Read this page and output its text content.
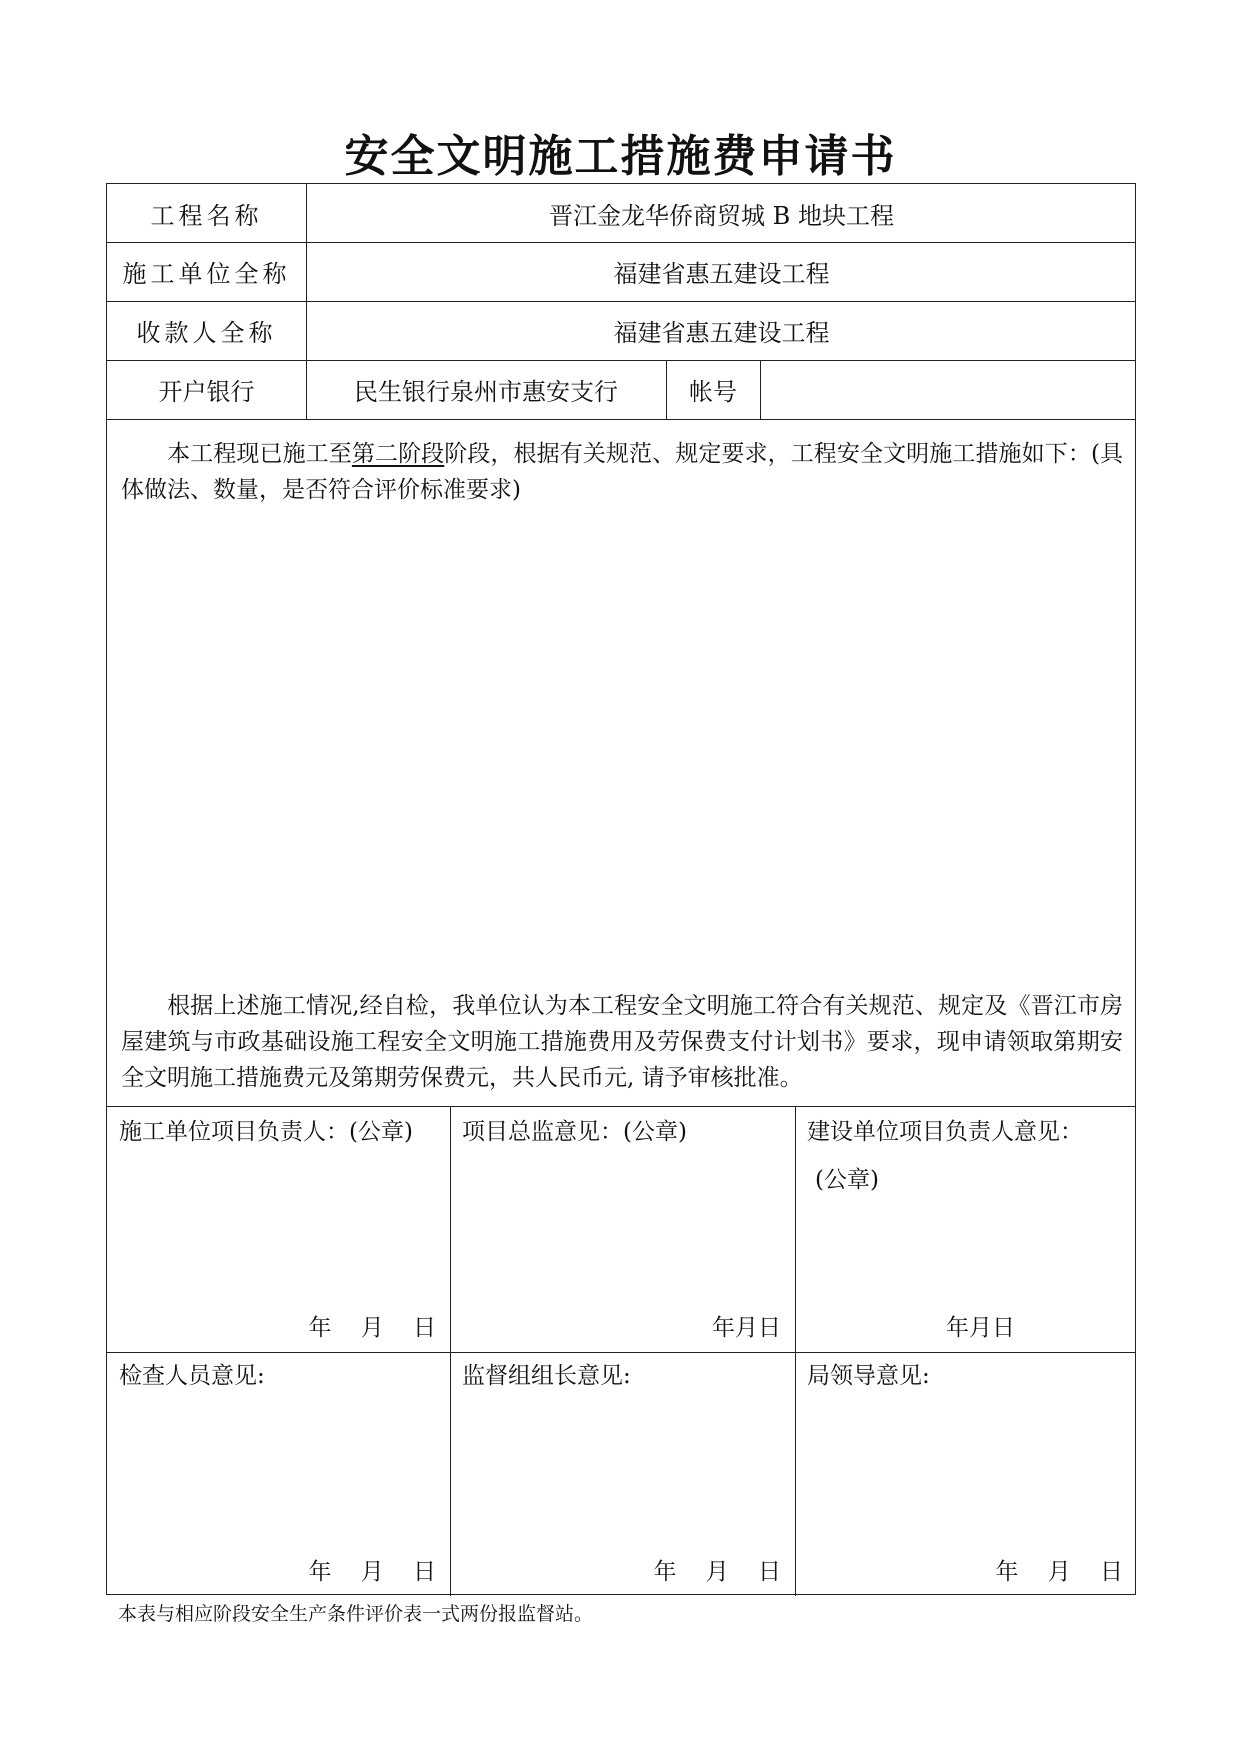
安全文明施工措施费申请书
工程名称	晋江金龙华侨商贸城 B 地块工程
施工单位全称	福建省惠五建设工程
收款人全称	福建省惠五建设工程
开户银行	民生银行泉州市惠安支行	帐号
本工程现已施工至第二阶段阶段，根据有关规范、规定要求，工程安全文明施工措施如下：(具体做法、数量，是否符合评价标准要求)
根据上述施工情况,经自检，我单位认为本工程安全文明施工符合有关规范、规定及《晋江市房屋建筑与市政基础设施工程安全文明施工措施费用及劳保费支付计划书》要求，现申请领取第期安全文明施工措施费元及第期劳保费元，共人民币元, 请予审核批准。
施工单位项目负责人：(公章)
年    月    日
项目总监意见：(公章)
年月日
建设单位项目负责人意见：
(公章)
年月日
检查人员意见:
年    月    日
监督组组长意见:
年    月    日
局领导意见:
年    月    日
本表与相应阶段安全生产条件评价表一式两份报监督站。
